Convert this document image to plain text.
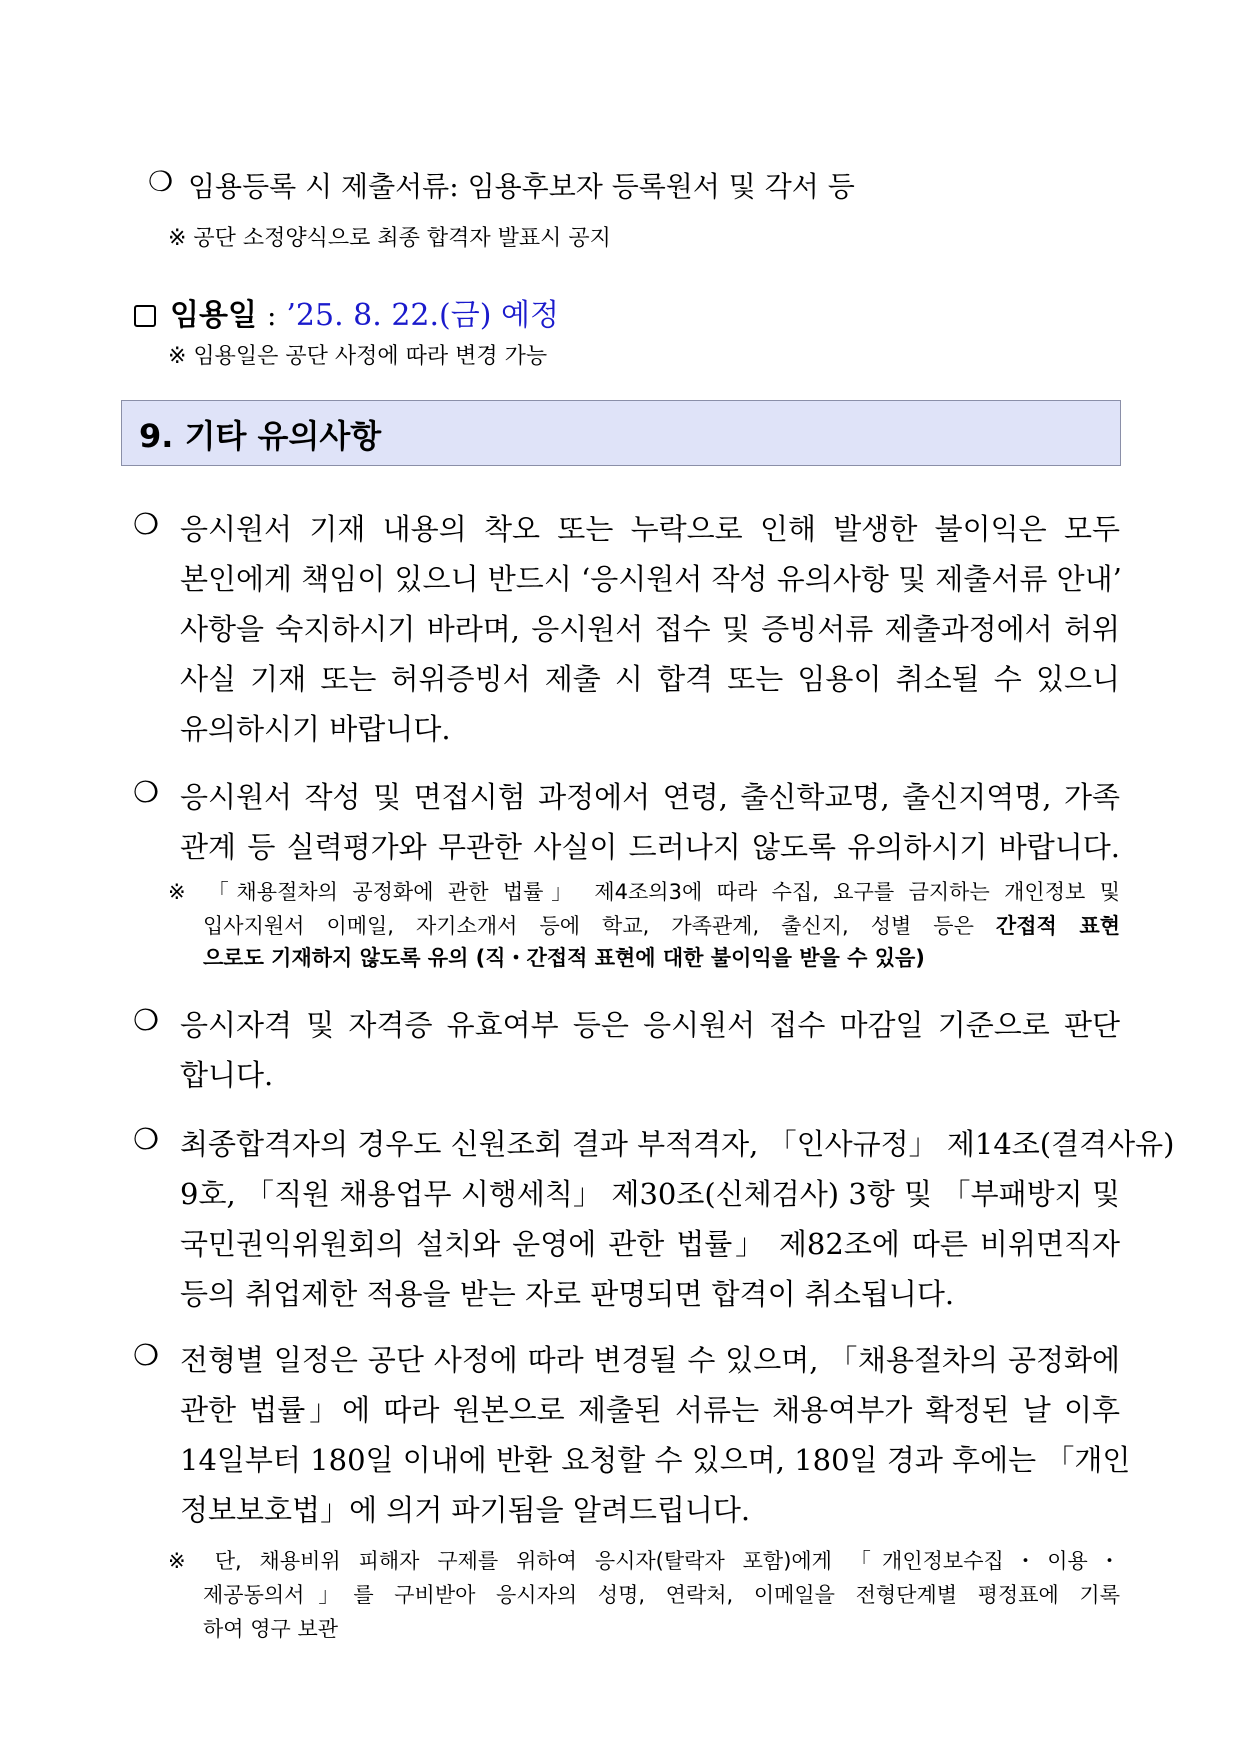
❍ 임용등록 시 제출서류: 임용후보자 등록원서 및 각서 등
※ 공단 소정양식으로 최종 합격자 발표시 공지
임용일 : ’25. 8. 22.(금) 예정
※ 임용일은 공단 사정에 따라 변경 가능
9. 기타 유의사항
❍ 응시원서 기재 내용의 착오 또는 누락으로 인해 발생한 불이익은 모두
본인에게 책임이 있으니 반드시 ‘응시원서 작성 유의사항 및 제출서류 안내’
사항을 숙지하시기 바라며, 응시원서 접수 및 증빙서류 제출과정에서 허위
사실 기재 또는 허위증빙서 제출 시 합격 또는 임용이 취소될 수 있으니
유의하시기 바랍니다.
❍ 응시원서 작성 및 면접시험 과정에서 연령, 출신학교명, 출신지역명, 가족
관계 등 실력평가와 무관한 사실이 드러나지 않도록 유의하시기 바랍니다.
※ 「채용절차의 공정화에 관한 법률」 제4조의3에 따라 수집, 요구를 금지하는 개인정보 및
입사지원서 이메일, 자기소개서 등에 학교, 가족관계, 출신지, 성별 등은 간접적 표현
으로도 기재하지 않도록 유의 (직・간접적 표현에 대한 불이익을 받을 수 있음)
❍ 응시자격 및 자격증 유효여부 등은 응시원서 접수 마감일 기준으로 판단
합니다.
❍ 최종합격자의 경우도 신원조회 결과 부적격자, 「인사규정」 제14조(결격사유)
9호, 「직원 채용업무 시행세칙」 제30조(신체검사) 3항 및 「부패방지 및
국민권익위원회의 설치와 운영에 관한 법률」 제82조에 따른 비위면직자
등의 취업제한 적용을 받는 자로 판명되면 합격이 취소됩니다.
❍ 전형별 일정은 공단 사정에 따라 변경될 수 있으며, 「채용절차의 공정화에
관한 법률」에 따라 원본으로 제출된 서류는 채용여부가 확정된 날 이후
14일부터 180일 이내에 반환 요청할 수 있으며, 180일 경과 후에는 「개인
정보보호법」에 의거 파기됨을 알려드립니다.
※ 단, 채용비위 피해자 구제를 위하여 응시자(탈락자 포함)에게 「개인정보수집・이용・
제공동의서」를 구비받아 응시자의 성명, 연락처, 이메일을 전형단계별 평정표에 기록
하여 영구 보관
